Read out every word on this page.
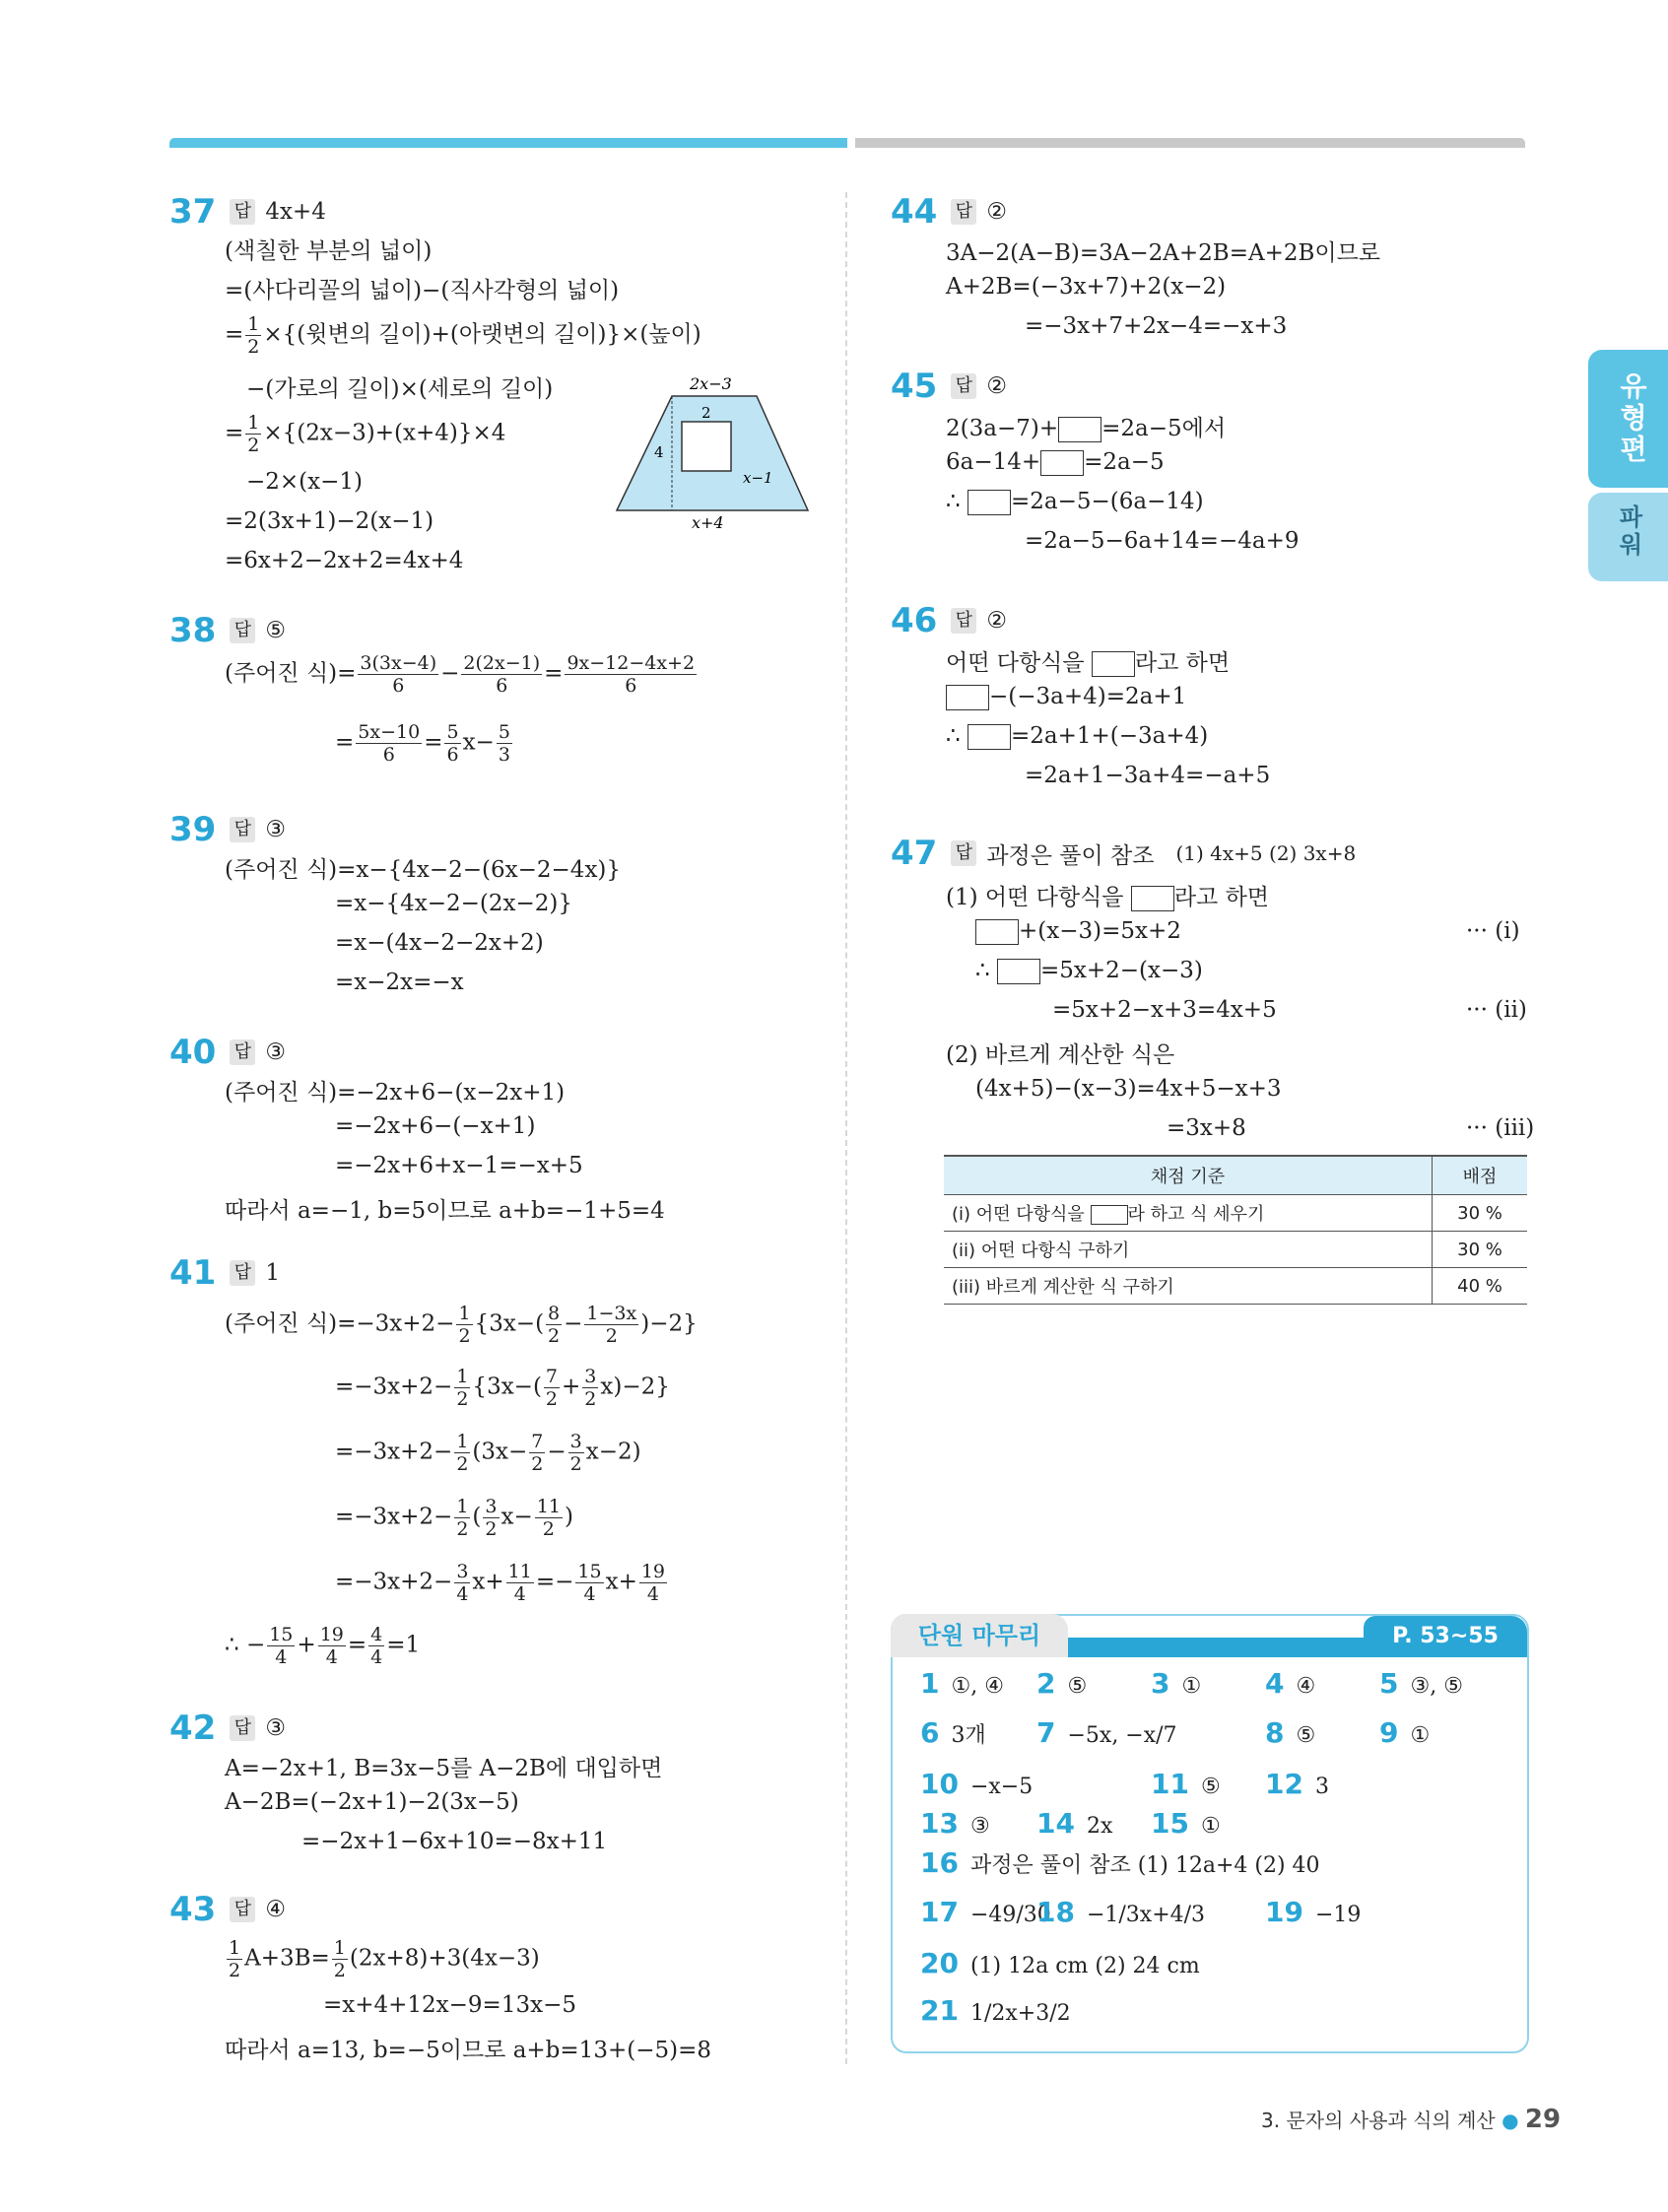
유형편
파워
37 답 4x+4
(색칠한 부분의 넓이)
=(사다리꼴의 넓이)−(직사각형의 넓이)
= $\frac{1}{2}$ ×{(윗변의 길이)+(아랫변의 길이)}×(높이)
−(가로의 길이)×(세로의 길이)
= $\frac{1}{2} \times\{(2x-3)+(x+4)\}\times 4$
−2×(x−1)
=2(3x+1)−2(x−1)
=6x+2−2x+2=4x+4
2x−3
2
4
x−1
x+4
38 답 ⑤
(주어진 식)= $\frac{3(3x-4)}{6} - \frac{2(2x-1)}{6} = \frac{9x-12-4x+2}{6}$
= $\frac{5x-10}{6} = \frac{5}{6} x- \frac{5}{3}$
39 답 ③
(주어진 식)=x−{4x−2−(6x−2−4x)}
=x−{4x−2−(2x−2)}
=x−(4x−2−2x+2)
=x−2x=−x
40 답 ③
(주어진 식)=−2x+6−(x−2x+1)
=−2x+6−(−x+1)
=−2x+6+x−1=−x+5
따라서 a=−1, b=5이므로 a+b=−1+5=4
41 답 1
(주어진 식)$=-3x+2- \frac{1}{2} \{3x-( \frac{8}{2} - \frac{1-3x}{2} )-2\}$
$=-3x+2- \frac{1}{2} \{3x-( \frac{7}{2} + \frac{3}{2} x)-2\}$
$=-3x+2- \frac{1}{2} (3x- \frac{7}{2} - \frac{3}{2} x-2)$
$=-3x+2- \frac{1}{2}$ ( $\frac{3}{2} x- \frac{11}{2}$ )
$=-3x+2- \frac{3}{4} x+ \frac{11}{4} =- \frac{15}{4} x+ \frac{19}{4}$
∴ − $\frac{15}{4} + \frac{19}{4} = \frac{4}{4} =1$
42 답 ③
A=−2x+1, B=3x−5를 A−2B에 대입하면
A−2B=(−2x+1)−2(3x−5)
=−2x+1−6x+10=−8x+11
43 답 ④
$\frac{1}{2} A+3B= \frac{1}{2} (2x+8)+3(4x-3)$
=x+4+12x−9=13x−5
따라서 a=13, b=−5이므로 a+b=13+(−5)=8
44 답 ②
3A−2(A−B)=3A−2A+2B=A+2B이므로
A+2B=(−3x+7)+2(x−2)
=−3x+7+2x−4=−x+3
45 답 ②
2(3a−7)+ =2a−5에서
6a−14+ =2a−5
∴ =2a−5−(6a−14)
=2a−5−6a+14=−4a+9
46 답 ②
어떤 다항식을 라고 하면
−(−3a+4)=2a+1
∴ =2a+1+(−3a+4)
=2a+1−3a+4=−a+5
47 답 과정은 풀이 참조 (1) 4x+5 (2) 3x+8
(1) 어떤 다항식을 라고 하면
+(x−3)=5x+2
∴ =5x+2−(x−3)
=5x+2−x+3=4x+5
(2) 바르게 계산한 식은
(4x+5)−(x−3)=4x+5−x+3
=3x+8
··· (i)
··· (ii)
··· (iii)
채점 기준	배점
(i) 어떤 다항식을 라 하고 식 세우기	30 %
(ii) 어떤 다항식 구하기	30 %
(iii) 바르게 계산한 식 구하기	40 %
단원 마무리	P. 53~55
1 ①, ④ 2 ⑤ 3 ① 4 ④ 5 ③, ⑤
6 3개 7 −5x, −x/7	8 ⑤ 9 ①
10 −x−5	11 ⑤ 12 3
13 ③ 14 2x 15 ①
16 과정은 풀이 참조 (1) 12a+4 (2) 40
17 −49/30
18 −1/3x+4/3 19 −19
20 (1) 12a cm (2) 24 cm
21 1/2x+3/2
3. 문자의 사용과 식의 계산 ● 29
